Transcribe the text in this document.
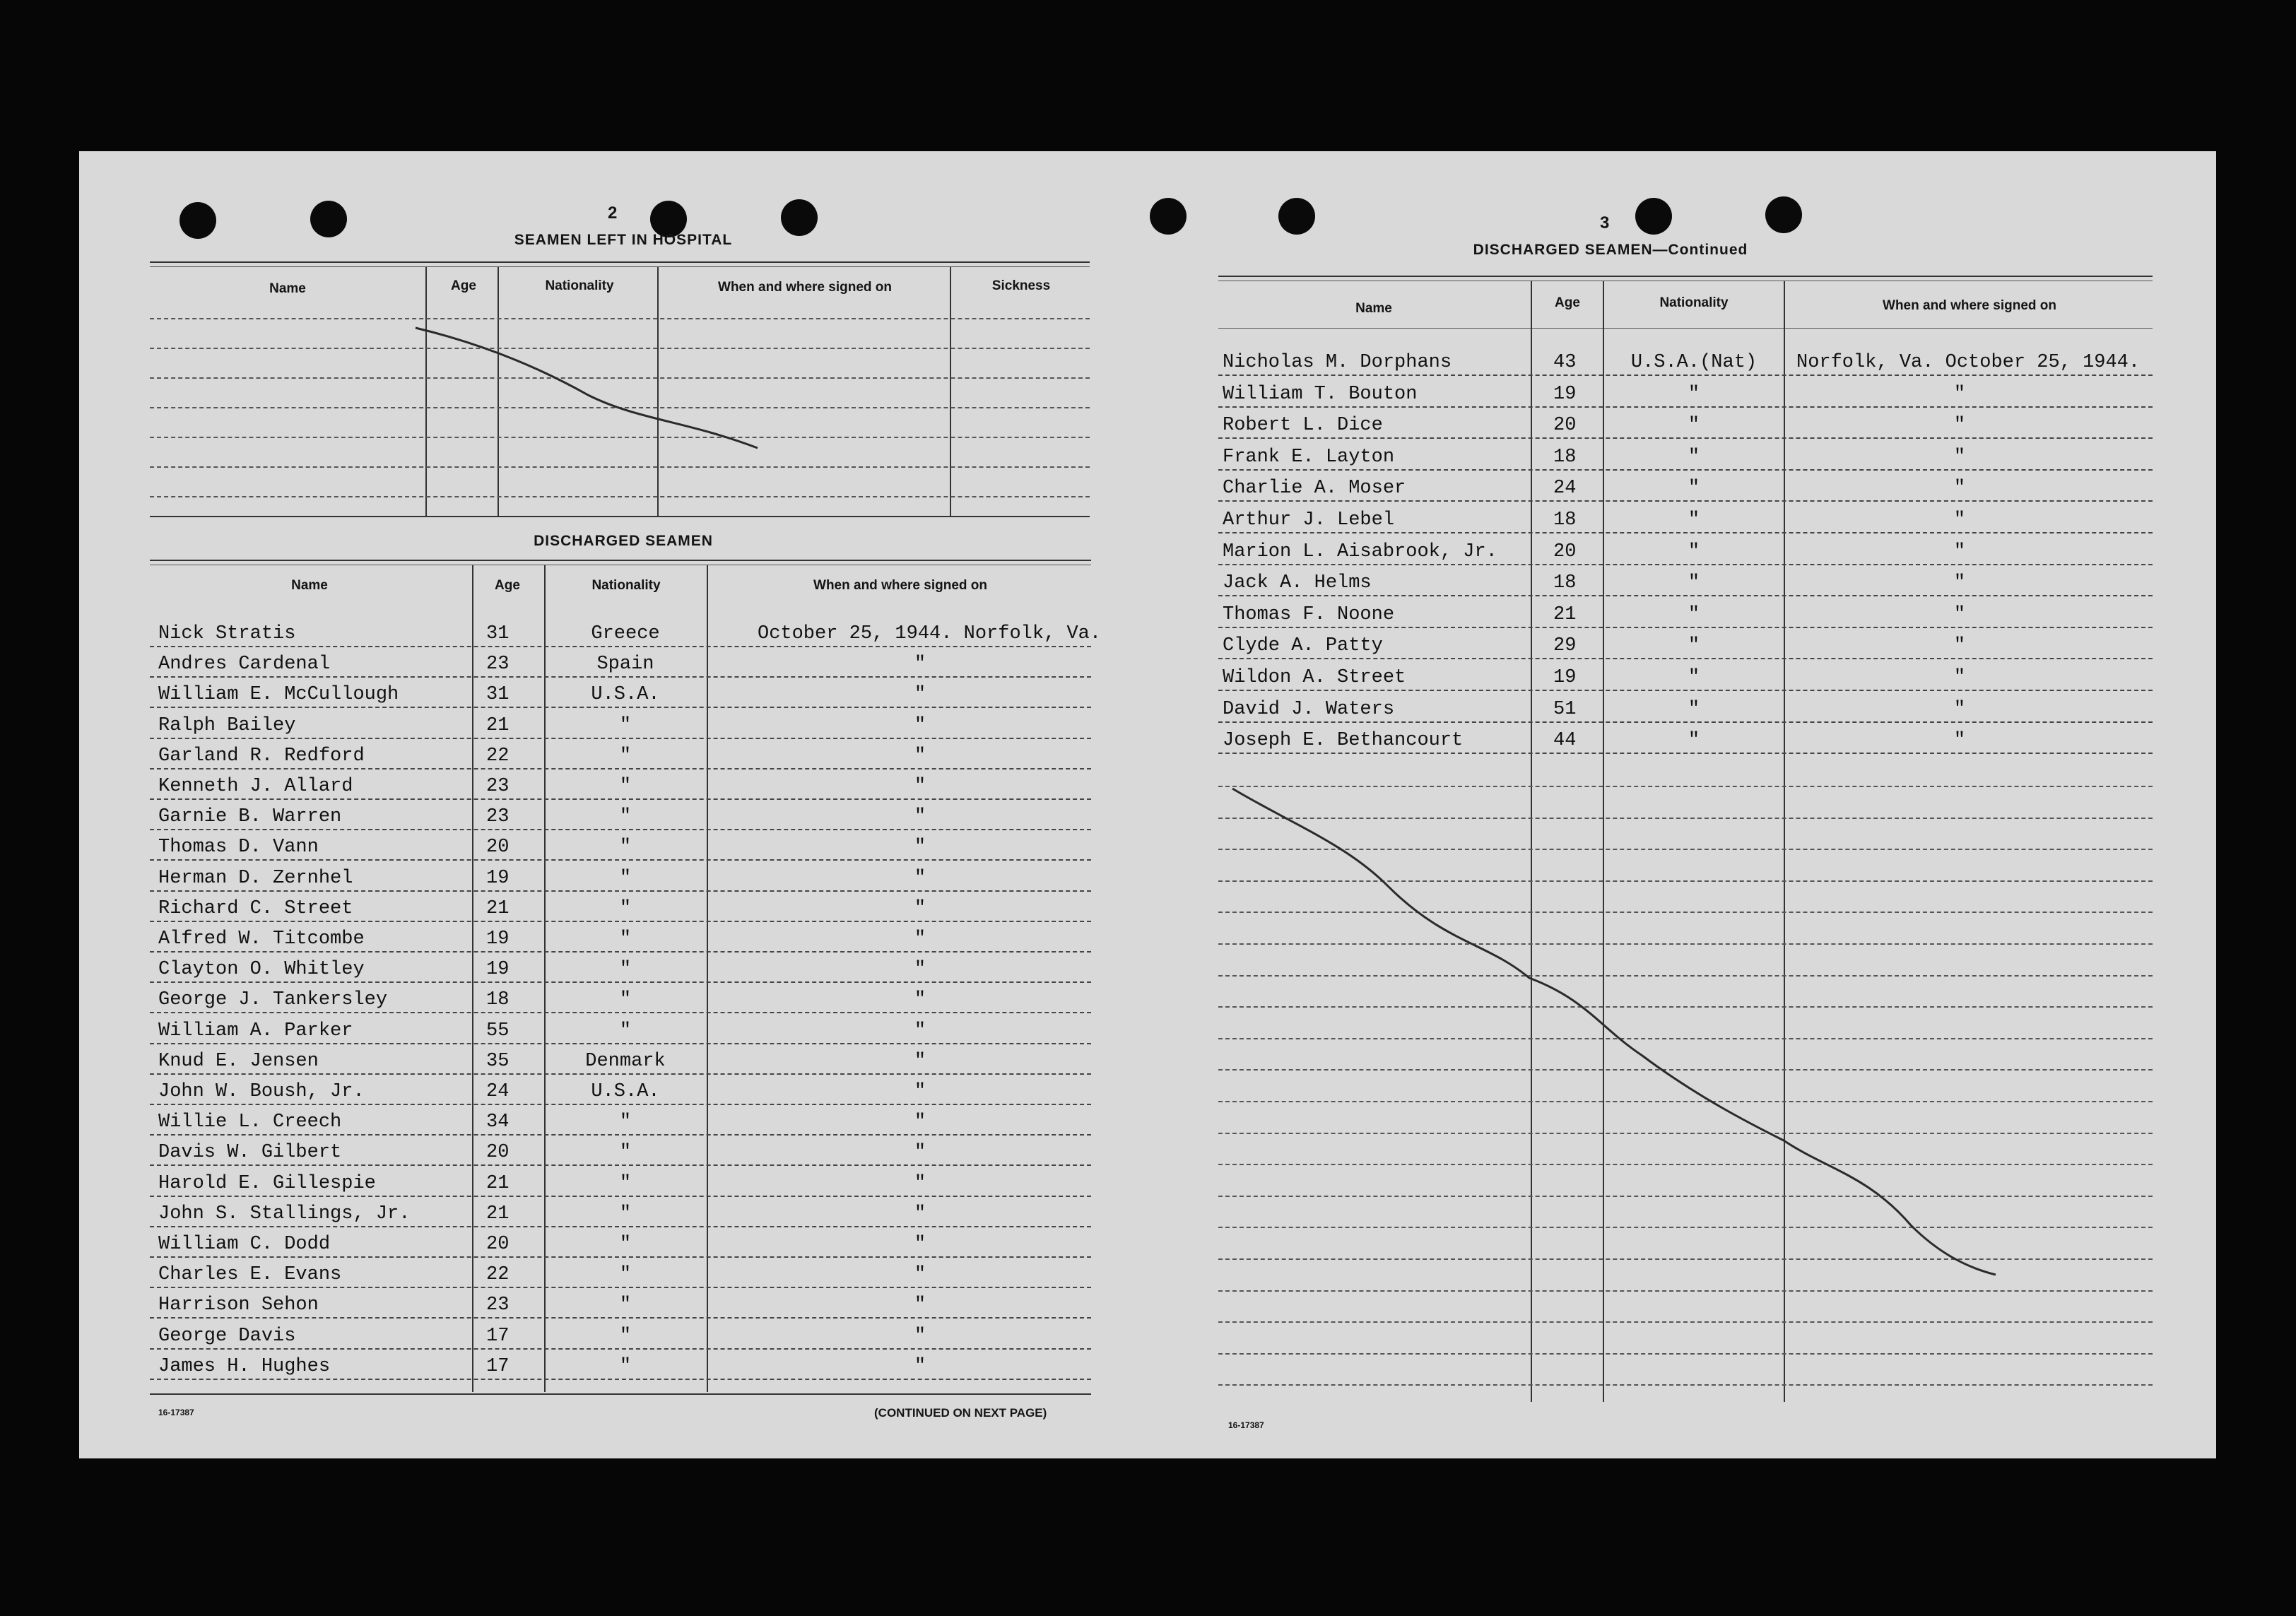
2
SEAMEN LEFT IN HOSPITAL
Name	Age	Nationality	When and where signed on	Sickness
DISCHARGED SEAMEN
Name	Age	Nationality	When and where signed on
Nick Stratis	31	Greece	October 25, 1944. Norfolk, Va.
Andres Cardenal	23	Spain	"
William E. McCullough	31	U.S.A.	"
Ralph Bailey	21	"	"
Garland R. Redford	22	"	"
Kenneth J. Allard	23	"	"
Garnie B. Warren	23	"	"
Thomas D. Vann	20	"	"
Herman D. Zernhel	19	"	"
Richard C. Street	21	"	"
Alfred W. Titcombe	19	"	"
Clayton O. Whitley	19	"	"
George J. Tankersley	18	"	"
William A. Parker	55	"	"
Knud E. Jensen	35	Denmark	"
John W. Boush, Jr.	24	U.S.A.	"
Willie L. Creech	34	"	"
Davis W. Gilbert	20	"	"
Harold E. Gillespie	21	"	"
John S. Stallings, Jr.	21	"	"
William C. Dodd	20	"	"
Charles E. Evans	22	"	"
Harrison Sehon	23	"	"
George Davis	17	"	"
James H. Hughes	17	"	"
16-17387	(CONTINUED ON NEXT PAGE)
3
DISCHARGED SEAMEN—Continued
Name	Age	Nationality	When and where signed on
Nicholas M. Dorphans	43	U.S.A.(Nat)	Norfolk, Va. October 25, 1944.
William T. Bouton	19	"	"
Robert L. Dice	20	"	"
Frank E. Layton	18	"	"
Charlie A. Moser	24	"	"
Arthur J. Lebel	18	"	"
Marion L. Aisabrook, Jr.	20	"	"
Jack A. Helms	18	"	"
Thomas F. Noone	21	"	"
Clyde A. Patty	29	"	"
Wildon A. Street	19	"	"
David J. Waters	51	"	"
Joseph E. Bethancourt	44	"	"
16-17387
